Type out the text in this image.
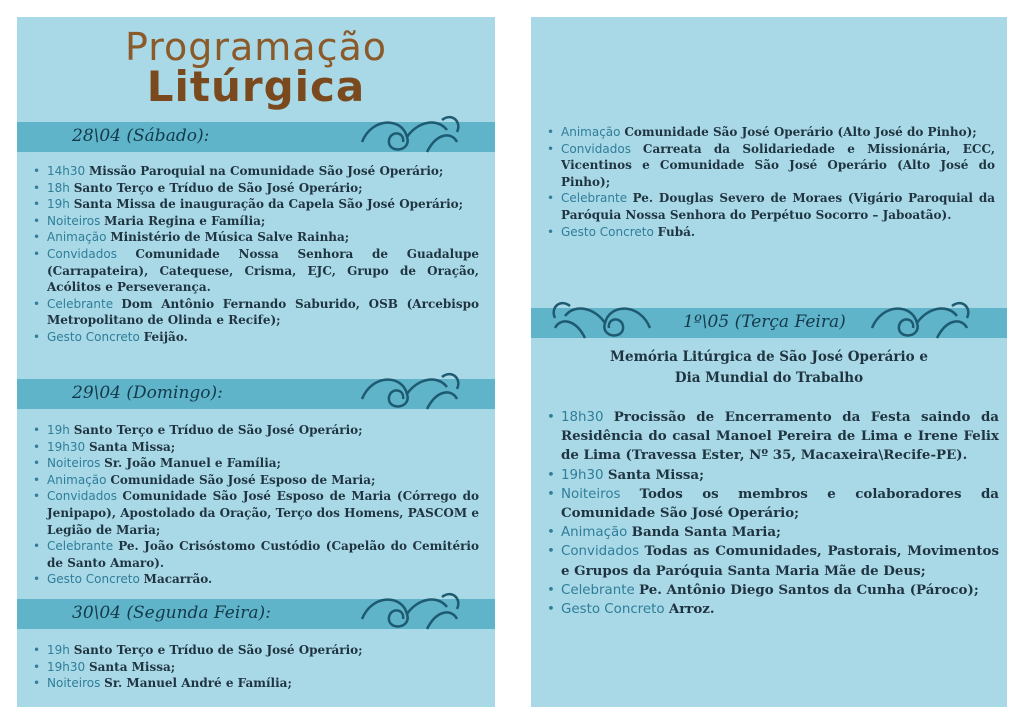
Programação
Litúrgica
28\04 (Sábado):
• 14h30 Missão Paroquial na Comunidade São José Operário;
• 18h Santo Terço e Tríduo de São José Operário;
• 19h Santa Missa de inauguração da Capela São José Operário;
• Noiteiros Maria Regina e Família;
• Animação Ministério de Música Salve Rainha;
• Convidados Comunidade Nossa Senhora de Guadalupe (Carrapateira), Catequese, Crisma, EJC, Grupo de Oração, Acólitos e Perseverança.
• Celebrante Dom Antônio Fernando Saburido, OSB (Arcebispo Metropolitano de Olinda e Recife);
• Gesto Concreto Feijão.
29\04 (Domingo):
• 19h Santo Terço e Tríduo de São José Operário;
• 19h30 Santa Missa;
• Noiteiros Sr. João Manuel e Família;
• Animação Comunidade São José Esposo de Maria;
• Convidados Comunidade São José Esposo de Maria (Córrego do Jenipapo), Apostolado da Oração, Terço dos Homens, PASCOM e Legião de Maria;
• Celebrante Pe. João Crisóstomo Custódio (Capelão do Cemitério de Santo Amaro).
• Gesto Concreto Macarrão.
30\04 (Segunda Feira):
• 19h Santo Terço e Tríduo de São José Operário;
• 19h30 Santa Missa;
• Noiteiros Sr. Manuel André e Família;
• Animação Comunidade São José Operário (Alto José do Pinho);
• Convidados Carreata da Solidariedade e Missionária, ECC, Vicentinos e Comunidade São José Operário (Alto José do Pinho);
• Celebrante Pe. Douglas Severo de Moraes (Vigário Paroquial da Paróquia Nossa Senhora do Perpétuo Socorro – Jaboatão).
• Gesto Concreto Fubá.
1º\05 (Terça Feira)
Memória Litúrgica de São José Operário e
Dia Mundial do Trabalho
• 18h30 Procissão de Encerramento da Festa saindo da Residência do casal Manoel Pereira de Lima e Irene Felix de Lima (Travessa Ester, Nº 35, Macaxeira\Recife-PE).
• 19h30 Santa Missa;
• Noiteiros Todos os membros e colaboradores da Comunidade São José Operário;
• Animação Banda Santa Maria;
• Convidados Todas as Comunidades, Pastorais, Movimentos e Grupos da Paróquia Santa Maria Mãe de Deus;
• Celebrante Pe. Antônio Diego Santos da Cunha (Pároco);
• Gesto Concreto Arroz.
